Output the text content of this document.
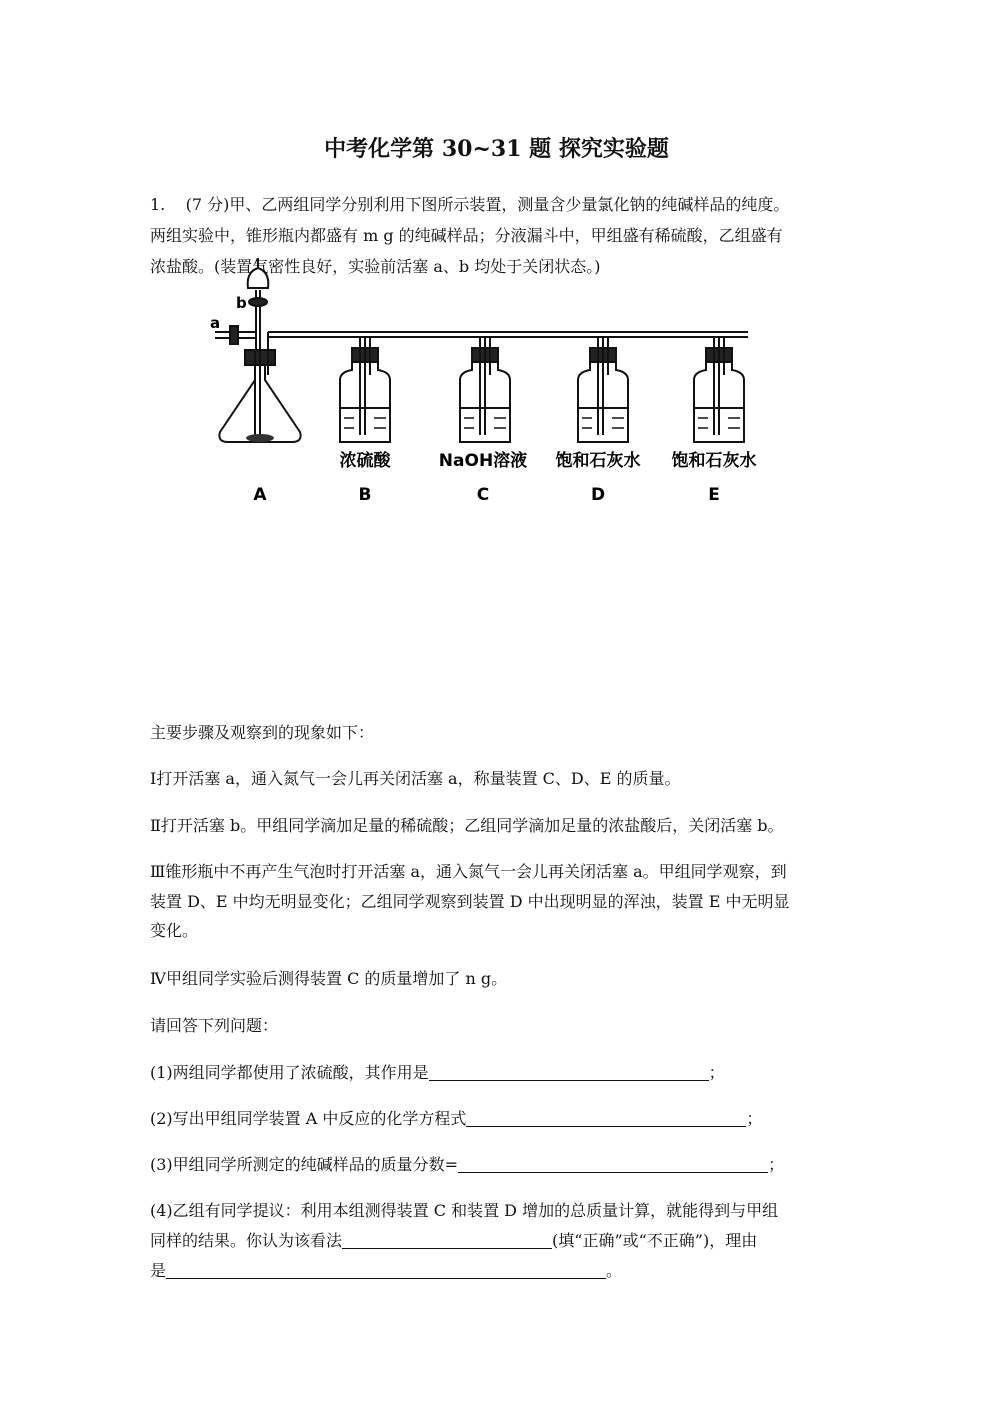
中考化学第 30~31 题 探究实验题
1. (7 分)甲、乙两组同学分别利用下图所示装置，测量含少量氯化钠的纯碱样品的纯度。
两组实验中，锥形瓶内都盛有 m g 的纯碱样品；分液漏斗中，甲组盛有稀硫酸，乙组盛有
浓盐酸。(装置气密性良好，实验前活塞 a、b 均处于关闭状态。)
a
b
浓硫酸	NaOH溶液 饱和石灰水 饱和石灰水
A	B	C	D	E
主要步骤及观察到的现象如下：
Ⅰ打开活塞 a，通入氮气一会儿再关闭活塞 a，称量装置 C、D、E 的质量。
Ⅱ打开活塞 b。甲组同学滴加足量的稀硫酸；乙组同学滴加足量的浓盐酸后，关闭活塞 b。
Ⅲ锥形瓶中不再产生气泡时打开活塞 a，通入氮气一会儿再关闭活塞 a。甲组同学观察，到
装置 D、E 中均无明显变化；乙组同学观察到装置 D 中出现明显的浑浊，装置 E 中无明显
变化。
Ⅳ甲组同学实验后测得装置 C 的质量增加了 n g。
请回答下列问题：
(1)两组同学都使用了浓硫酸，其作用是	；
(2)写出甲组同学装置 A 中反应的化学方程式	；
(3)甲组同学所测定的纯碱样品的质量分数=	；
(4)乙组有同学提议：利用本组测得装置 C 和装置 D 增加的总质量计算，就能得到与甲组
同样的结果。你认为该看法	(填“正确”或“不正确”)，理由
是	。
